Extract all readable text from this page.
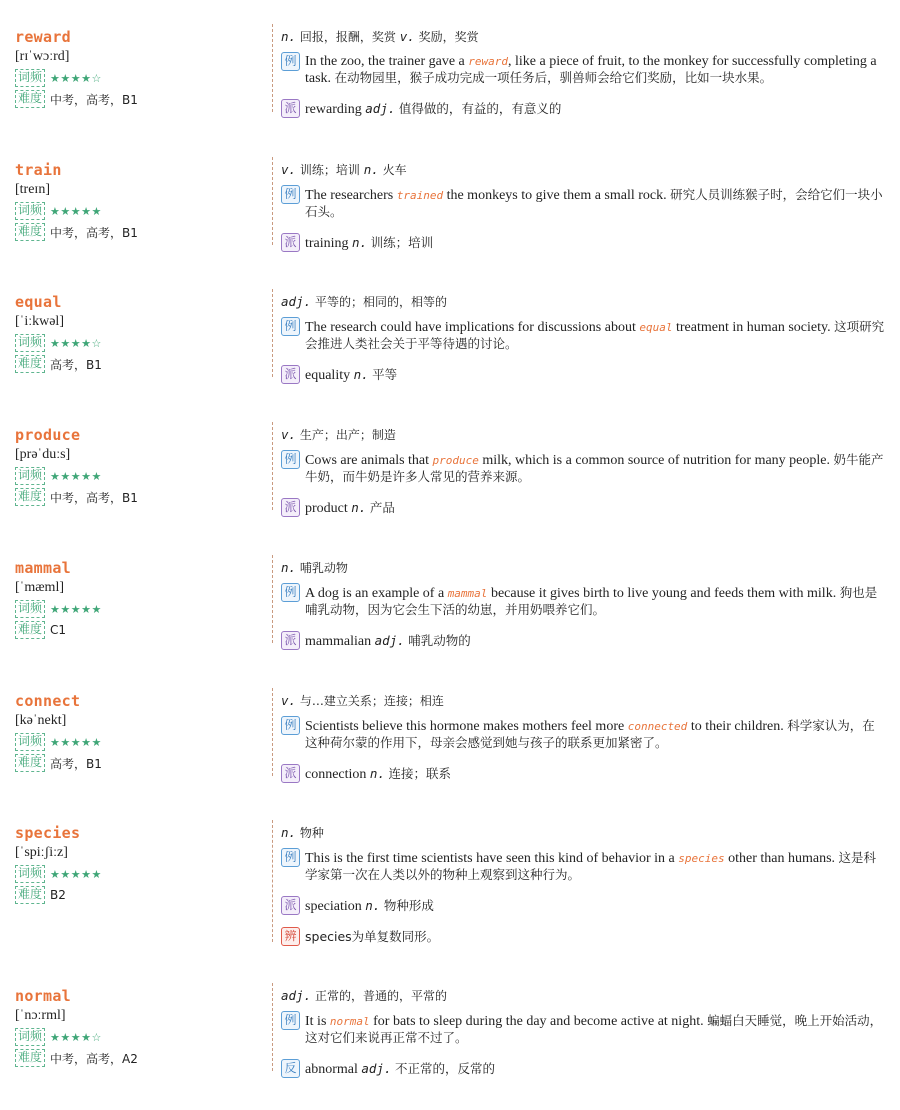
reward
[rɪˈwɔːrd]
词频 ★★★★☆
难度 中考，高考，B1
n. 回报，报酬，奖赏 v. 奖励，奖赏
例 In the zoo, the trainer gave a reward, like a piece of fruit, to the monkey for successfully completing a task. 在动物园里，猴子成功完成一项任务后，驯兽师会给它们奖励，比如一块水果。
派 rewarding adj. 值得做的，有益的，有意义的
train
[treɪn]
词频 ★★★★★
难度 中考，高考，B1
v. 训练；培训 n. 火车
例 The researchers trained the monkeys to give them a small rock. 研究人员训练猴子时，会给它们一块小石头。
派 training n. 训练；培训
equal
[ˈiːkwəl]
词频 ★★★★☆
难度 高考，B1
adj. 平等的；相同的，相等的
例 The research could have implications for discussions about equal treatment in human society. 这项研究会推进人类社会关于平等待遇的讨论。
派 equality n. 平等
produce
[prəˈduːs]
词频 ★★★★★
难度 中考，高考，B1
v. 生产；出产；制造
例 Cows are animals that produce milk, which is a common source of nutrition for many people. 奶牛能产牛奶，而牛奶是许多人常见的营养来源。
派 product n. 产品
mammal
[ˈmæml]
词频 ★★★★★
难度 C1
n. 哺乳动物
例 A dog is an example of a mammal because it gives birth to live young and feeds them with milk. 狗也是哺乳动物，因为它会生下活的幼崽，并用奶喂养它们。
派 mammalian adj. 哺乳动物的
connect
[kəˈnekt]
词频 ★★★★★
难度 高考，B1
v. 与…建立关系；连接；相连
例 Scientists believe this hormone makes mothers feel more connected to their children. 科学家认为，在这种荷尔蒙的作用下，母亲会感觉到她与孩子的联系更加紧密了。
派 connection n. 连接；联系
species
[ˈspiːʃiːz]
词频 ★★★★★
难度 B2
n. 物种
例 This is the first time scientists have seen this kind of behavior in a species other than humans. 这是科学家第一次在人类以外的物种上观察到这种行为。
派 speciation n. 物种形成
辨 species为单复数同形。
normal
[ˈnɔːrml]
词频 ★★★★☆
难度 中考，高考，A2
adj. 正常的，普通的，平常的
例 It is normal for bats to sleep during the day and become active at night. 蝙蝠白天睡觉，晚上开始活动，这对它们来说再正常不过了。
反 abnormal adj. 不正常的，反常的
